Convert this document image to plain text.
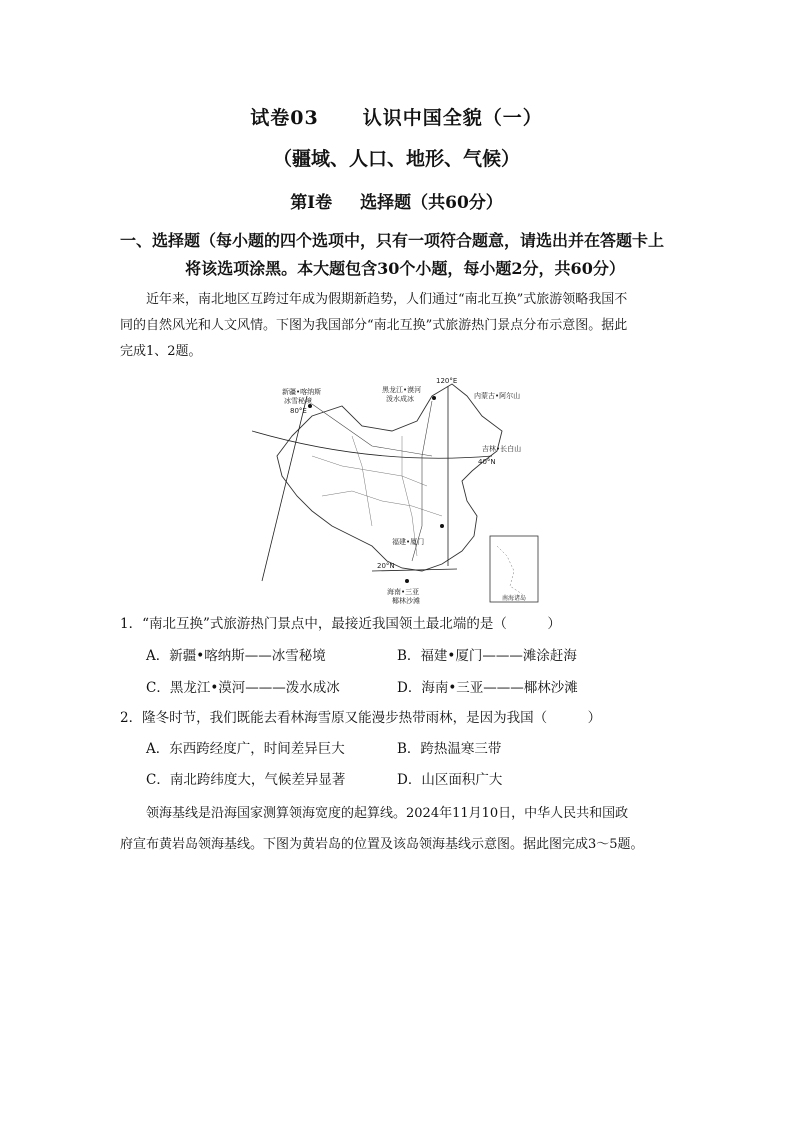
试卷03 认识中国全貌（一）
（疆域、人口、地形、气候）
第Ⅰ卷 选择题（共60分）
一、选择题（每小题的四个选项中，只有一项符合题意，请选出并在答题卡上
将该选项涂黑。本大题包含30个小题，每小题2分，共60分）
近年来，南北地区互跨过年成为假期新趋势，人们通过“南北互换”式旅游领略我国不
同的自然风光和人文风情。下图为我国部分“南北互换”式旅游热门景点分布示意图。据此
完成1、2题。
新疆•喀纳斯
冰雪秘境
80°E
120°E
黑龙江•漠河
泼水成冰	内蒙古•阿尔山
吉林•长白山
40°N
20°N
福建•厦门
海南•三亚
椰林沙滩	南海诸岛
1．“南北互换”式旅游热门景点中，最接近我国领土最北端的是（　　　）
A．新疆•喀纳斯——冰雪秘境	B．福建•厦门———滩涂赶海
C．黑龙江•漠河———泼水成冰	D．海南•三亚———椰林沙滩
2．隆冬时节，我们既能去看林海雪原又能漫步热带雨林，是因为我国（　　　）
A．东西跨经度广，时间差异巨大	B．跨热温寒三带
C．南北跨纬度大，气候差异显著	D．山区面积广大
领海基线是沿海国家测算领海宽度的起算线。2024年11月10日，中华人民共和国政
府宣布黄岩岛领海基线。下图为黄岩岛的位置及该岛领海基线示意图。据此图完成3～5题。
